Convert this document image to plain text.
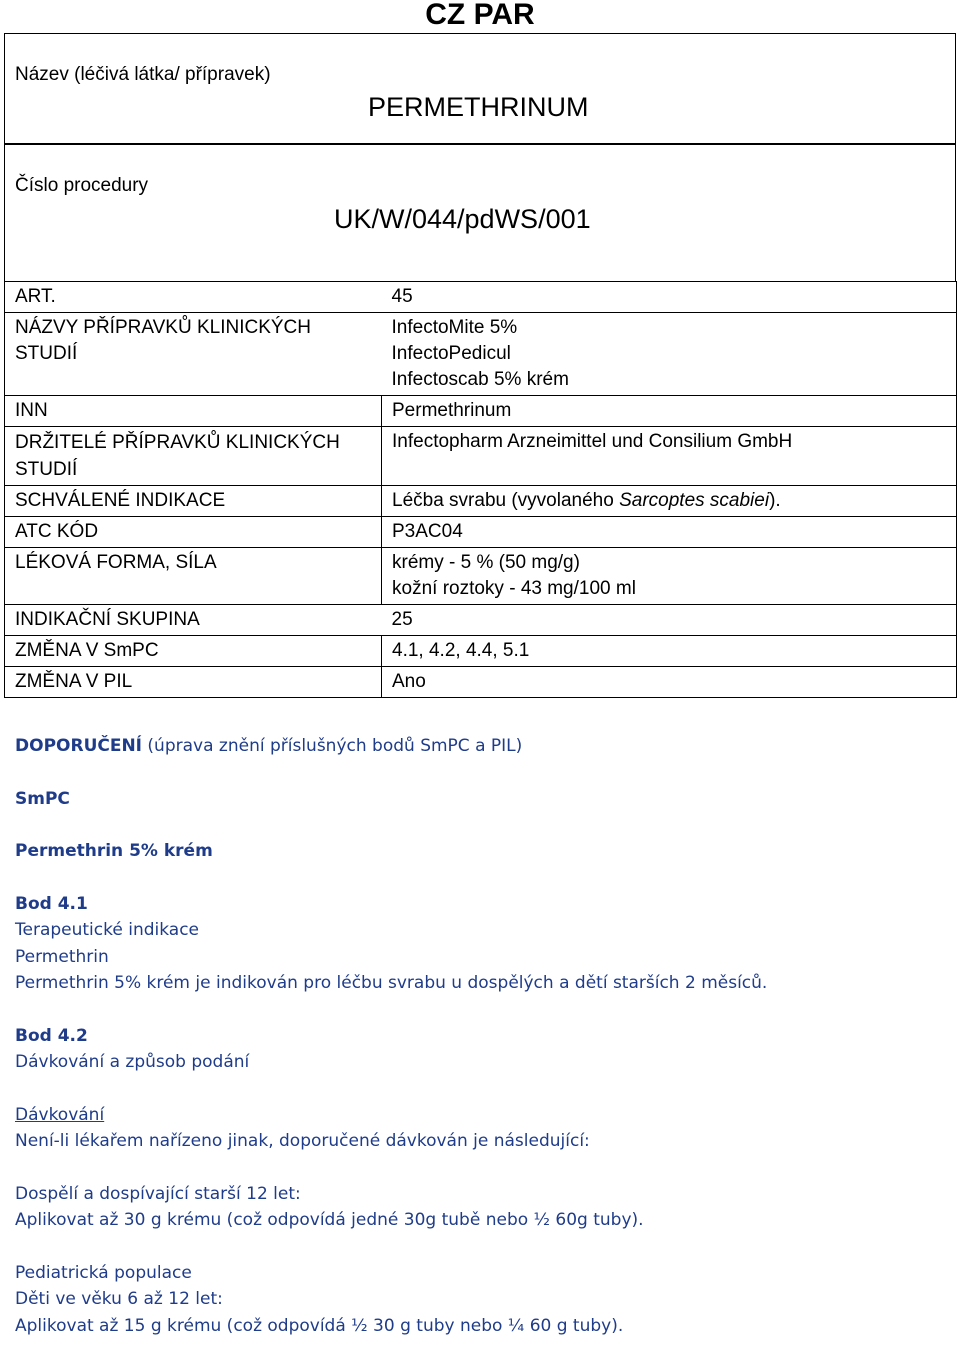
CZ PAR
Název (léčivá látka/ přípravek)
PERMETHRINUM
Číslo procedury
UK/W/044/pdWS/001
ART.	45
NÁZVY PŘÍPRAVKŮ KLINICKÝCH STUDIÍ	InfectoMite 5%
InfectoPedicul
Infectoscab 5% krém

INN	Permethrinum
DRŽITELÉ PŘÍPRAVKŮ KLINICKÝCH STUDIÍ	Infectopharm Arzneimittel und Consilium GmbH
SCHVÁLENÉ INDIKACE	Léčba svrabu (vyvolaného Sarcoptes scabiei).
ATC KÓD	P3AC04
LÉKOVÁ FORMA, SÍLA	krémy - 5 % (50 mg/g)
kožní roztoky - 43 mg/100 ml

INDIKAČNÍ SKUPINA	25
ZMĚNA V SmPC	4.1, 4.2, 4.4, 5.1
ZMĚNA V PIL	Ano
DOPORUČENÍ (úprava znění příslušných bodů SmPC a PIL)
SmPC
Permethrin 5% krém
Bod 4.1
Terapeutické indikace
Permethrin
Permethrin 5% krém je indikován pro léčbu svrabu u dospělých a dětí starších 2 měsíců.
Bod 4.2
Dávkování a způsob podání
Dávkování
Není-li lékařem nařízeno jinak, doporučené dávkován je následující:
Dospělí a dospívající starší 12 let:
Aplikovat až 30 g krému (což odpovídá jedné 30g tubě nebo ½ 60g tuby).
Pediatrická populace
Děti ve věku 6 až 12 let:
Aplikovat až 15 g krému (což odpovídá ½ 30 g tuby nebo ¼ 60 g tuby).
